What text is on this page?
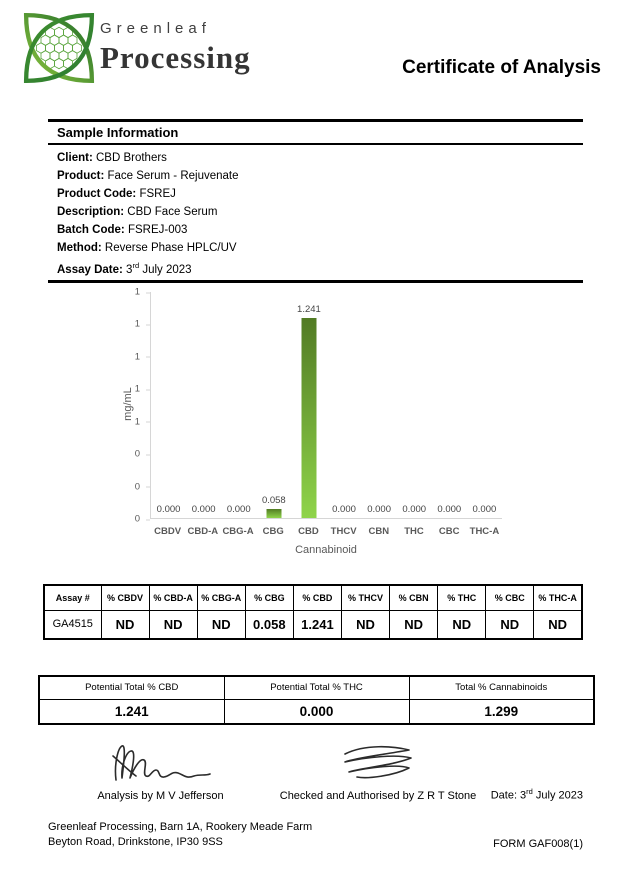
Greenleaf
Processing	Certificate of Analysis
Sample Information
Client: CBD Brothers
Product: Face Serum - Rejuvenate
Product Code: FSREJ
Description: CBD Face Serum
Batch Code: FSREJ-003
Method: Reverse Phase HPLC/UV
Assay Date: 3rd July 2023
mg/mL
1
1
1
1
1
0
0
0
0.000 0.000 0.000
0.058
1.241
0.000 0.000 0.000 0.000 0.000
CBDV CBD-A CBG-A CBG	CBD	THCV	CBN	THC	CBC	THC-A
Cannabinoid
Assay #	% CBDV	% CBD-A	% CBG-A	% CBG	% CBD	% THCV	% CBN	% THC	% CBC	% THC-A
GA4515	ND	ND	ND	0.058	1.241	ND	ND	ND	ND	ND
Potential Total % CBD	Potential Total % THC	Total % Cannabinoids
1.241	0.000	1.299
Analysis by M V Jefferson	Checked and Authorised by Z R T Stone Date: 3rd July 2023
Greenleaf Processing, Barn 1A, Rookery Meade Farm
Beyton Road, Drinkstone, IP30 9SS	FORM GAF008(1)
